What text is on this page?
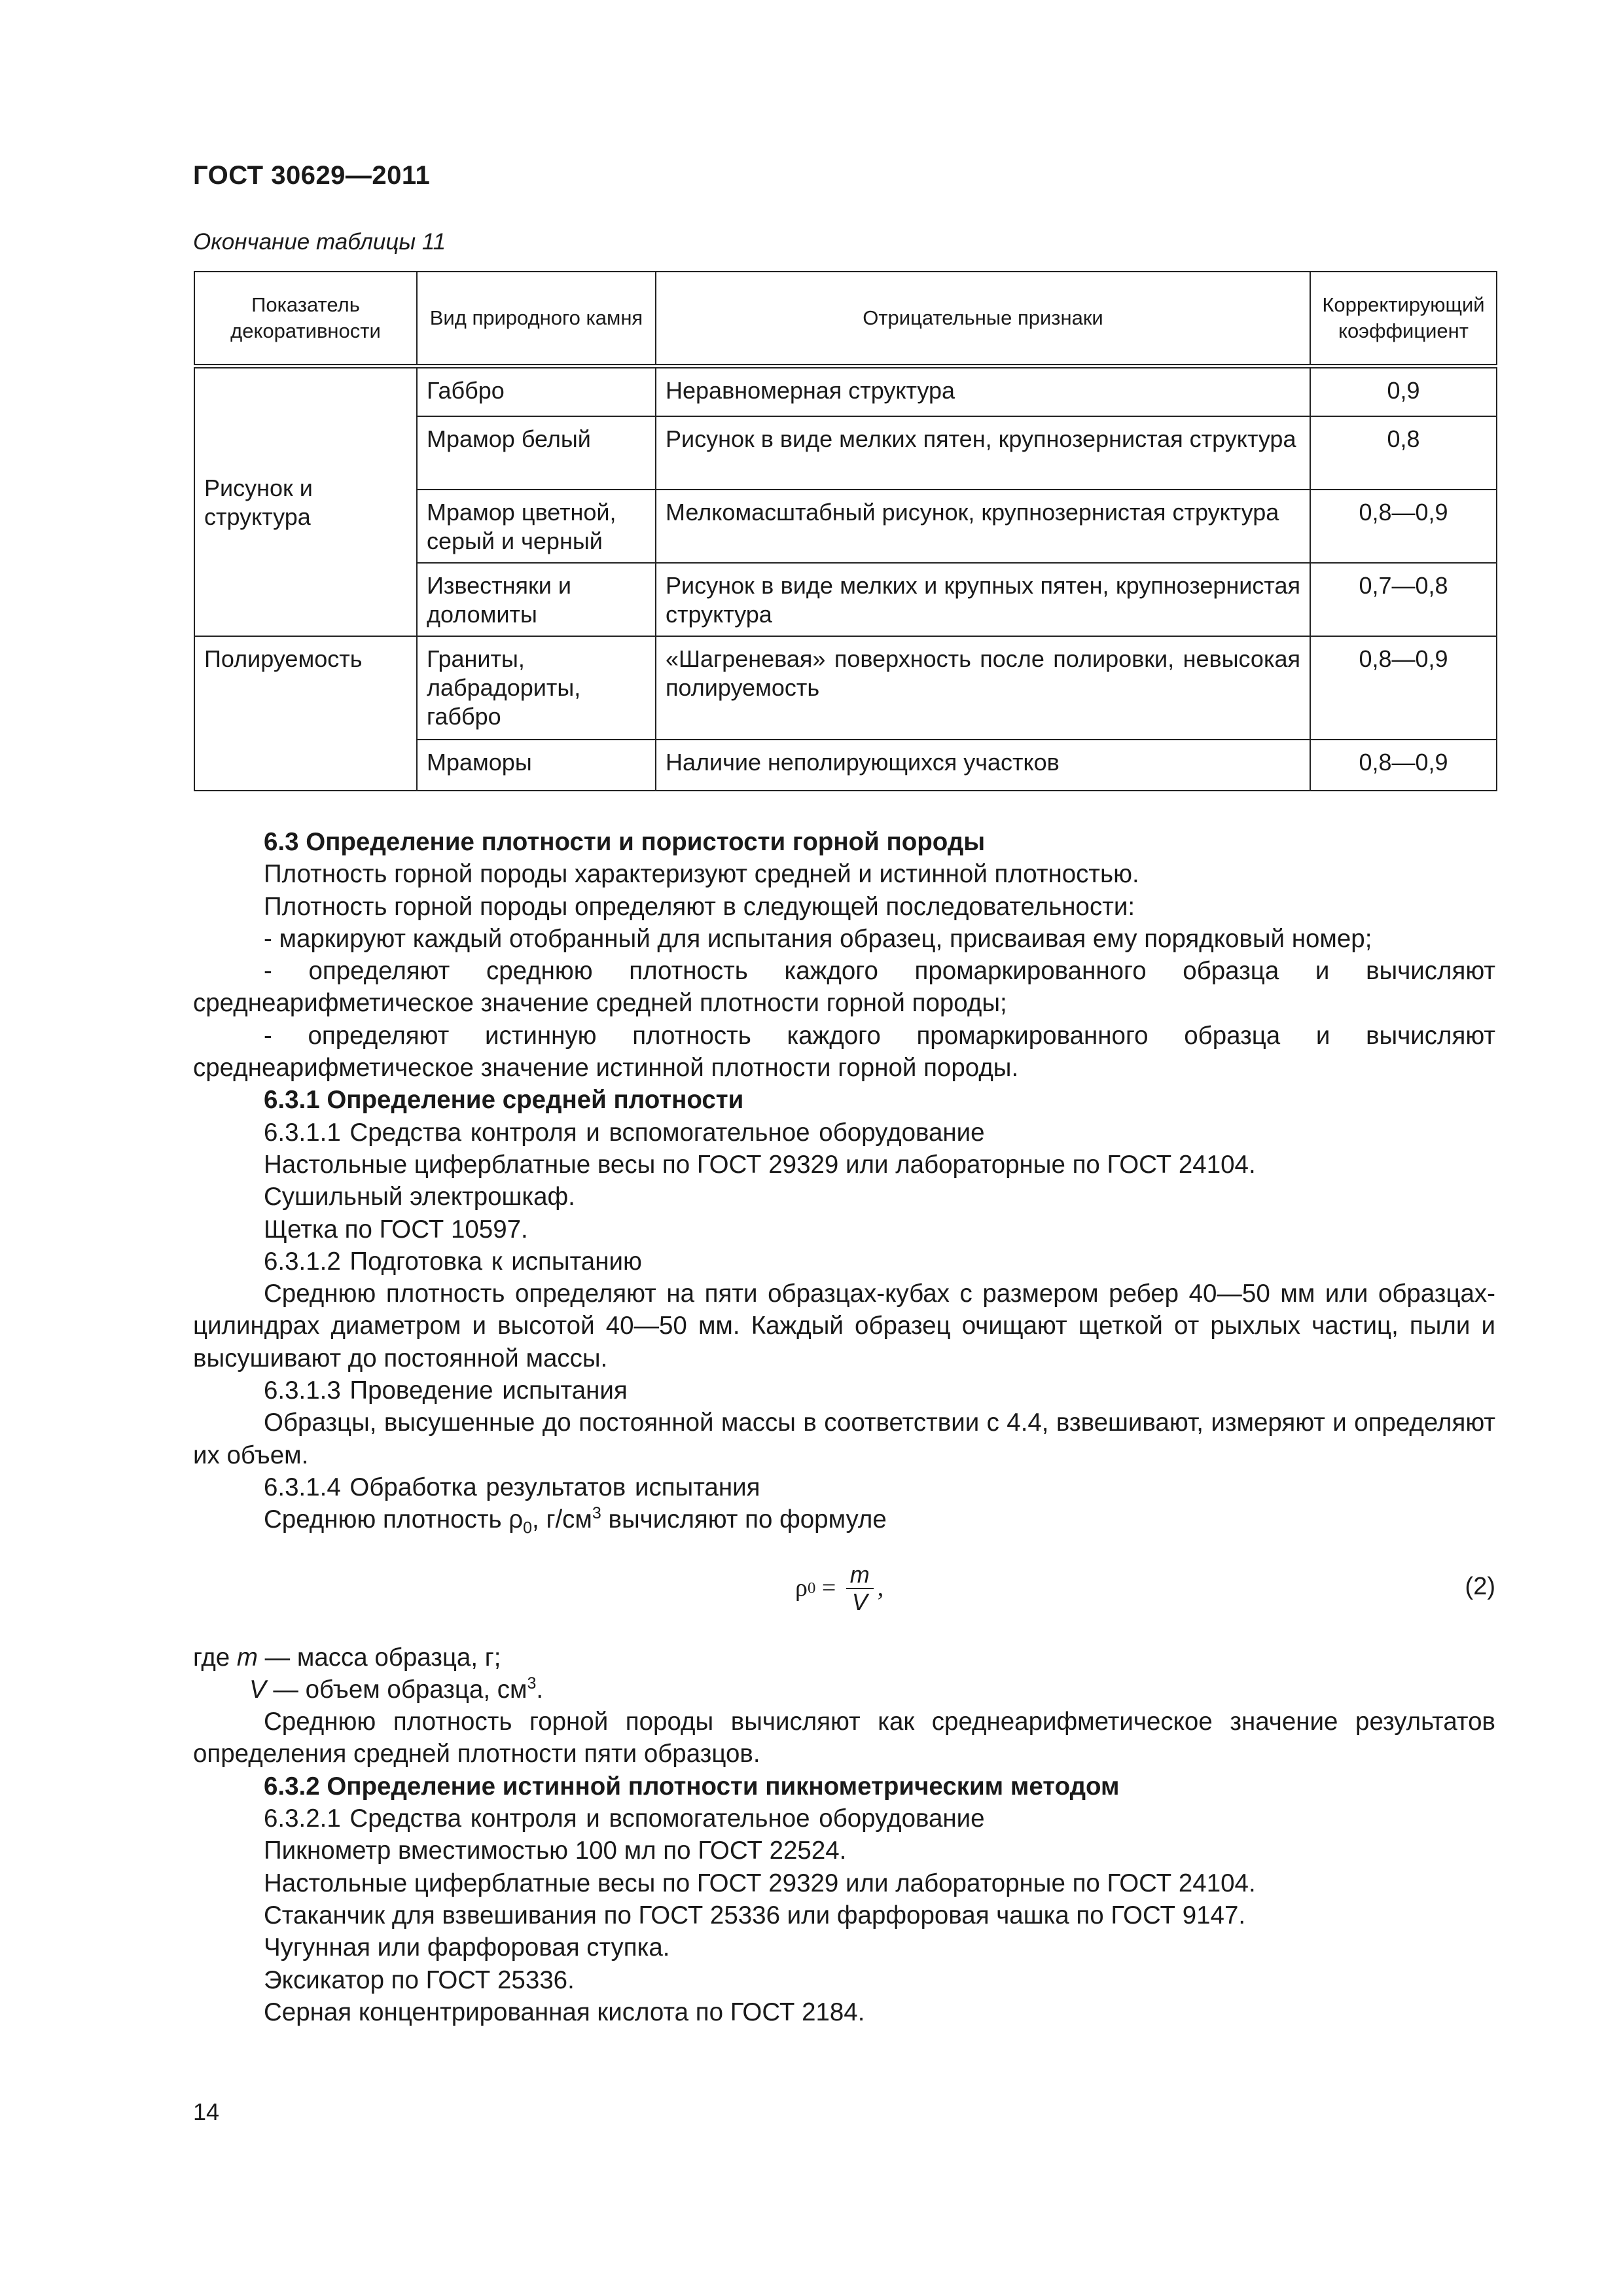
ГОСТ 30629—2011
Окончание таблицы 11
Показатель декоративности	Вид природного камня	Отрицательные признаки	Корректирующий коэффициент
Рисунок и структура	Габбро	Неравномерная структура	0,9
	Мрамор белый	Рисунок в виде мелких пятен, крупнозернистая структура	0,8
	Мрамор цветной, серый и черный	Мелкомасштабный рисунок, крупнозернистая структура	0,8—0,9
	Известняки и доломиты	Рисунок в виде мелких и крупных пятен, крупнозернистая структура	0,7—0,8
Полируемость	Граниты, лабрадориты, габбро	«Шагреневая» поверхность после полировки, невысокая полируемость	0,8—0,9
	Мраморы	Наличие неполирующихся участков	0,8—0,9

6.3 Определение плотности и пористости горной породы

Плотность горной породы характеризуют средней и истинной плотностью.

Плотность горной породы определяют в следующей последовательности:

- маркируют каждый отобранный для испытания образец, присваивая ему порядковый номер;

- определяют среднюю плотность каждого промаркированного образца и вычисляют среднеарифметическое значение средней плотности горной породы;

- определяют истинную плотность каждого промаркированного образца и вычисляют среднеарифметическое значение истинной плотности горной породы.

6.3.1 Определение средней плотности

6.3.1.1 Средства контроля и вспомогательное оборудование

Настольные циферблатные весы по ГОСТ 29329 или лабораторные по ГОСТ 24104.

Сушильный электрошкаф.

Щетка по ГОСТ 10597.

6.3.1.2 Подготовка к испытанию

Среднюю плотность определяют на пяти образцах-кубах с размером ребер 40—50 мм или образцах-цилиндрах диаметром и высотой 40—50 мм. Каждый образец очищают щеткой от рыхлых частиц, пыли и высушивают до постоянной массы.

6.3.1.3 Проведение испытания

Образцы, высушенные до постоянной массы в соответствии с 4.4, взвешивают, измеряют и определяют их объем.

6.3.1.4 Обработка результатов испытания

Среднюю плотность $\rho_0$, $г/см^3$ вычисляют по формуле

ρ $0 = \frac{m}{V}$ ,	(2)

где m — масса образца, г;

V — объем образца, $см^3$.

Среднюю плотность горной породы вычисляют как среднеарифметическое значение результатов определения средней плотности пяти образцов.

6.3.2 Определение истинной плотности пикнометрическим методом

6.3.2.1 Средства контроля и вспомогательное оборудование

Пикнометр вместимостью 100 мл по ГОСТ 22524.

Настольные циферблатные весы по ГОСТ 29329 или лабораторные по ГОСТ 24104.

Стаканчик для взвешивания по ГОСТ 25336 или фарфоровая чашка по ГОСТ 9147.

Чугунная или фарфоровая ступка.

Эксикатор по ГОСТ 25336.

Серная концентрированная кислота по ГОСТ 2184.

14
